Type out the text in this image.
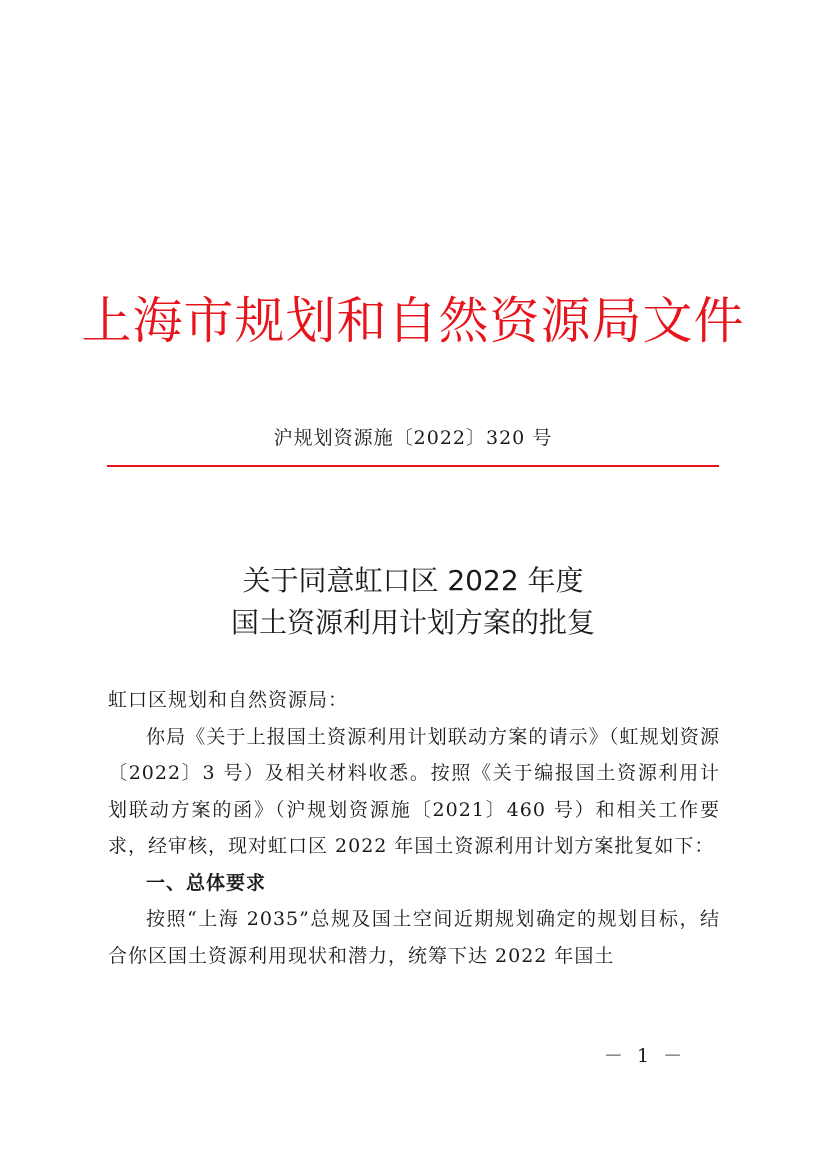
上海市规划和自然资源局文件
沪规划资源施〔2022〕320 号
关于同意虹口区 2022 年度
国土资源利用计划方案的批复

虹口区规划和自然资源局：

你局《关于上报国土资源利用计划联动方案的请示》（虹规划资源〔2022〕3 号）及相关材料收悉。按照《关于编报国土资源利用计划联动方案的函》（沪规划资源施〔2021〕460 号）和相关工作要求，经审核，现对虹口区 2022 年国土资源利用计划方案批复如下：

一、总体要求

按照“上海 2035”总规及国土空间近期规划确定的规划目标，结合你区国土资源利用现状和潜力，统筹下达 2022 年国土

－ 1 －
